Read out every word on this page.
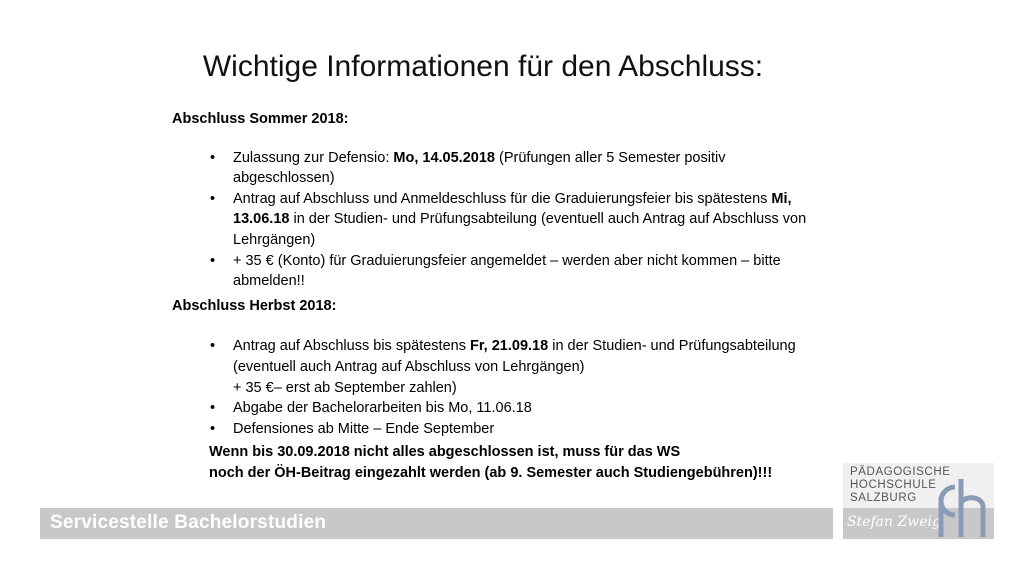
Wichtige Informationen für den Abschluss:
Abschluss Sommer 2018:
• Zulassung zur Defensio: Mo, 14.05.2018 (Prüfungen aller 5 Semester positiv abgeschlossen)
• Antrag auf Abschluss und Anmeldeschluss für die Graduierungsfeier bis spätestens Mi, 13.06.18 in der Studien- und Prüfungsabteilung (eventuell auch Antrag auf Abschluss von Lehrgängen)
• + 35 € (Konto) für Graduierungsfeier angemeldet – werden aber nicht kommen – bitte abmelden!!
Abschluss Herbst 2018:
• Antrag auf Abschluss bis spätestens Fr, 21.09.18 in der Studien- und Prüfungsabteilung (eventuell auch Antrag auf Abschluss von Lehrgängen)
+ 35 €– erst ab September zahlen)
• Abgabe der Bachelorarbeiten bis Mo, 11.06.18
• Defensiones ab Mitte – Ende September
Wenn bis 30.09.2018 nicht alles abgeschlossen ist, muss für das WS
noch der ÖH-Beitrag eingezahlt werden (ab 9. Semester auch Studiengebühren)!!!
Servicestelle Bachelorstudien
PÄDAGOGISCHE
HOCHSCHULE
SALZBURG
Stefan Zweig
